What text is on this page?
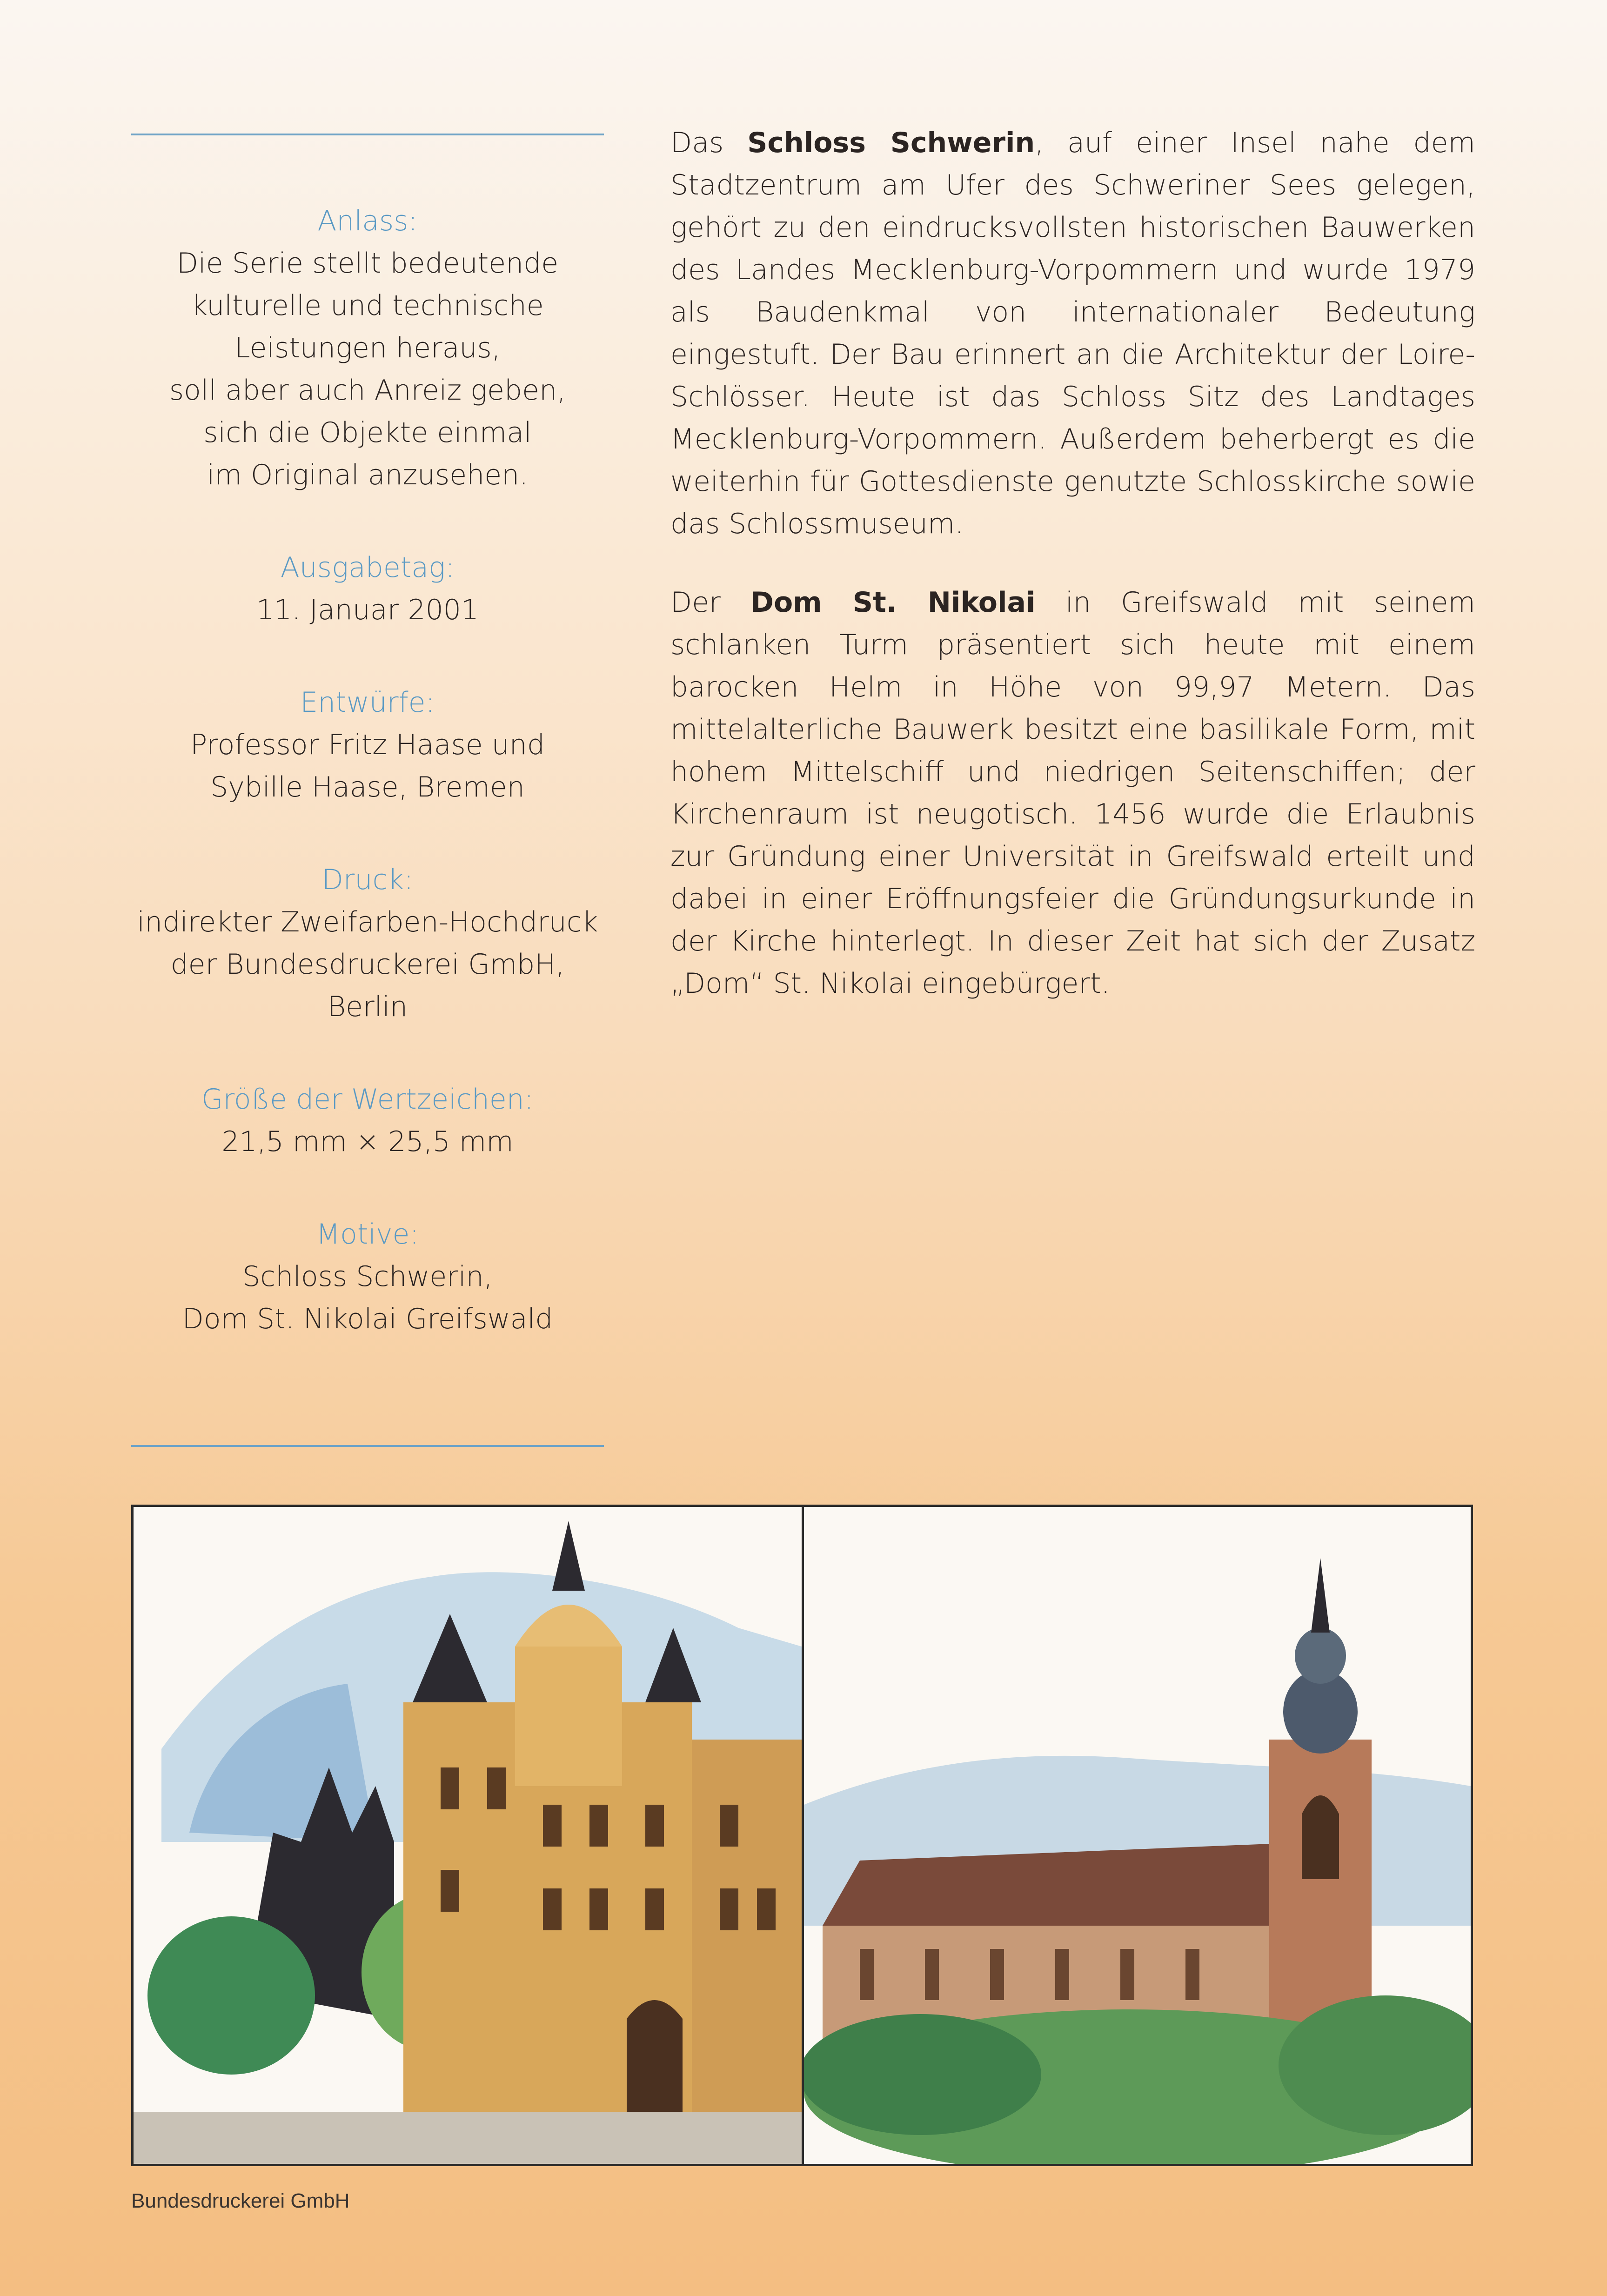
Anlass:

Die Serie stellt bedeutende

kulturelle und technische

Leistungen heraus,

soll aber auch Anreiz geben,

sich die Objekte einmal

im Original anzusehen.

Ausgabetag:

11. Januar 2001

Entwürfe:

Professor Fritz Haase und

Sybille Haase, Bremen

Druck:

indirekter Zweifarben-Hochdruck

der Bundesdruckerei GmbH,

Berlin

Größe der Wertzeichen:

21,5 mm × 25,5 mm

Motive:

Schloss Schwerin,

Dom St. Nikolai Greifswald

Das Schloss Schwerin, auf einer Insel nahe dem Stadtzentrum am Ufer des Schweriner Sees gelegen, gehört zu den eindrucksvollsten historischen Bauwerken des Landes Mecklenburg-Vorpommern und wurde 1979 als Baudenkmal von internationaler Bedeutung eingestuft. Der Bau erinnert an die Architektur der Loire-Schlösser. Heute ist das Schloss Sitz des Landtages Mecklenburg-Vorpommern. Außerdem beherbergt es die weiterhin für Gottesdienste genutzte Schlosskirche sowie das Schlossmuseum.

Der Dom St. Nikolai in Greifswald mit seinem schlanken Turm präsentiert sich heute mit einem barocken Helm in Höhe von 99,97 Metern. Das mittelalterliche Bauwerk besitzt eine basilikale Form, mit hohem Mittelschiff und niedrigen Seitenschiffen; der Kirchenraum ist neugotisch. 1456 wurde die Erlaubnis zur Gründung einer Universität in Greifswald erteilt und dabei in einer Eröffnungsfeier die Gründungsurkunde in der Kirche hinterlegt. In dieser Zeit hat sich der Zusatz „Dom“ St. Nikolai eingebürgert.

Bundesdruckerei GmbH
